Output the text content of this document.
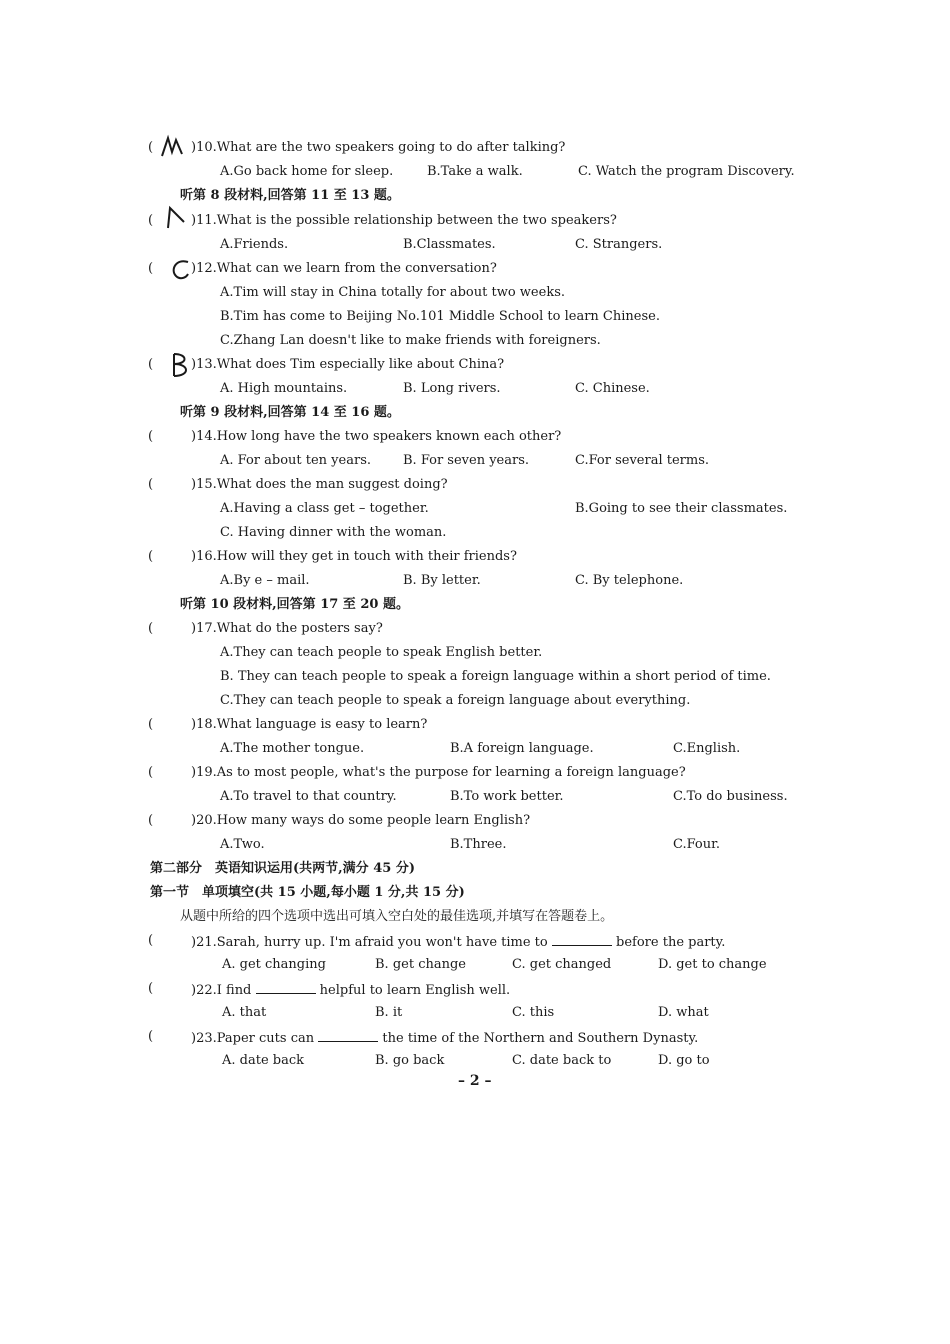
(	)10.What are the two speakers going to do after talking?
A.Go back home for sleep.	B.Take a walk.	C. Watch the program Discovery.
听第 8 段材料,回答第 11 至 13 题。
(	)11.What is the possible relationship between the two speakers?
A.Friends.	B.Classmates.	C. Strangers.
(	)12.What can we learn from the conversation?
A.Tim will stay in China totally for about two weeks.
B.Tim has come to Beijing No.101 Middle School to learn Chinese.
C.Zhang Lan doesn't like to make friends with foreigners.
(	)13.What does Tim especially like about China?
A. High mountains.	B. Long rivers.	C. Chinese.
听第 9 段材料,回答第 14 至 16 题。
(	)14.How long have the two speakers known each other?
A. For about ten years. B. For seven years.	C.For several terms.
(	)15.What does the man suggest doing?
A.Having a class get – together.	B.Going to see their classmates.
C. Having dinner with the woman.
(	)16.How will they get in touch with their friends?
A.By e – mail.	B. By letter.	C. By telephone.
听第 10 段材料,回答第 17 至 20 题。
(	)17.What do the posters say?
A.They can teach people to speak English better.
B. They can teach people to speak a foreign language within a short period of time.
C.They can teach people to speak a foreign language about everything.
(	)18.What language is easy to learn?
A.The mother tongue.	B.A foreign language.	C.English.
(	)19.As to most people, what's the purpose for learning a foreign language?
A.To travel to that country.	B.To work better.	C.To do business.
(	)20.How many ways do some people learn English?
A.Two.	B.Three.	C.Four.
第二部分　英语知识运用(共两节,满分 45 分)
第一节　单项填空(共 15 小题,每小题 1 分,共 15 分)
从题中所给的四个选项中选出可填入空白处的最佳选项,并填写在答题卷上。
(	)21.Sarah, hurry up. I'm afraid you won't have time to	before the party.
A. get changing	B. get change	C. get changed	D. get to change
(	)22.I find	helpful to learn English well.
A. that	B. it	C. this	D. what
(	)23.Paper cuts can	the time of the Northern and Southern Dynasty.
A. date back	B. go back	C. date back to	D. go to
– 2 –
A A C B
